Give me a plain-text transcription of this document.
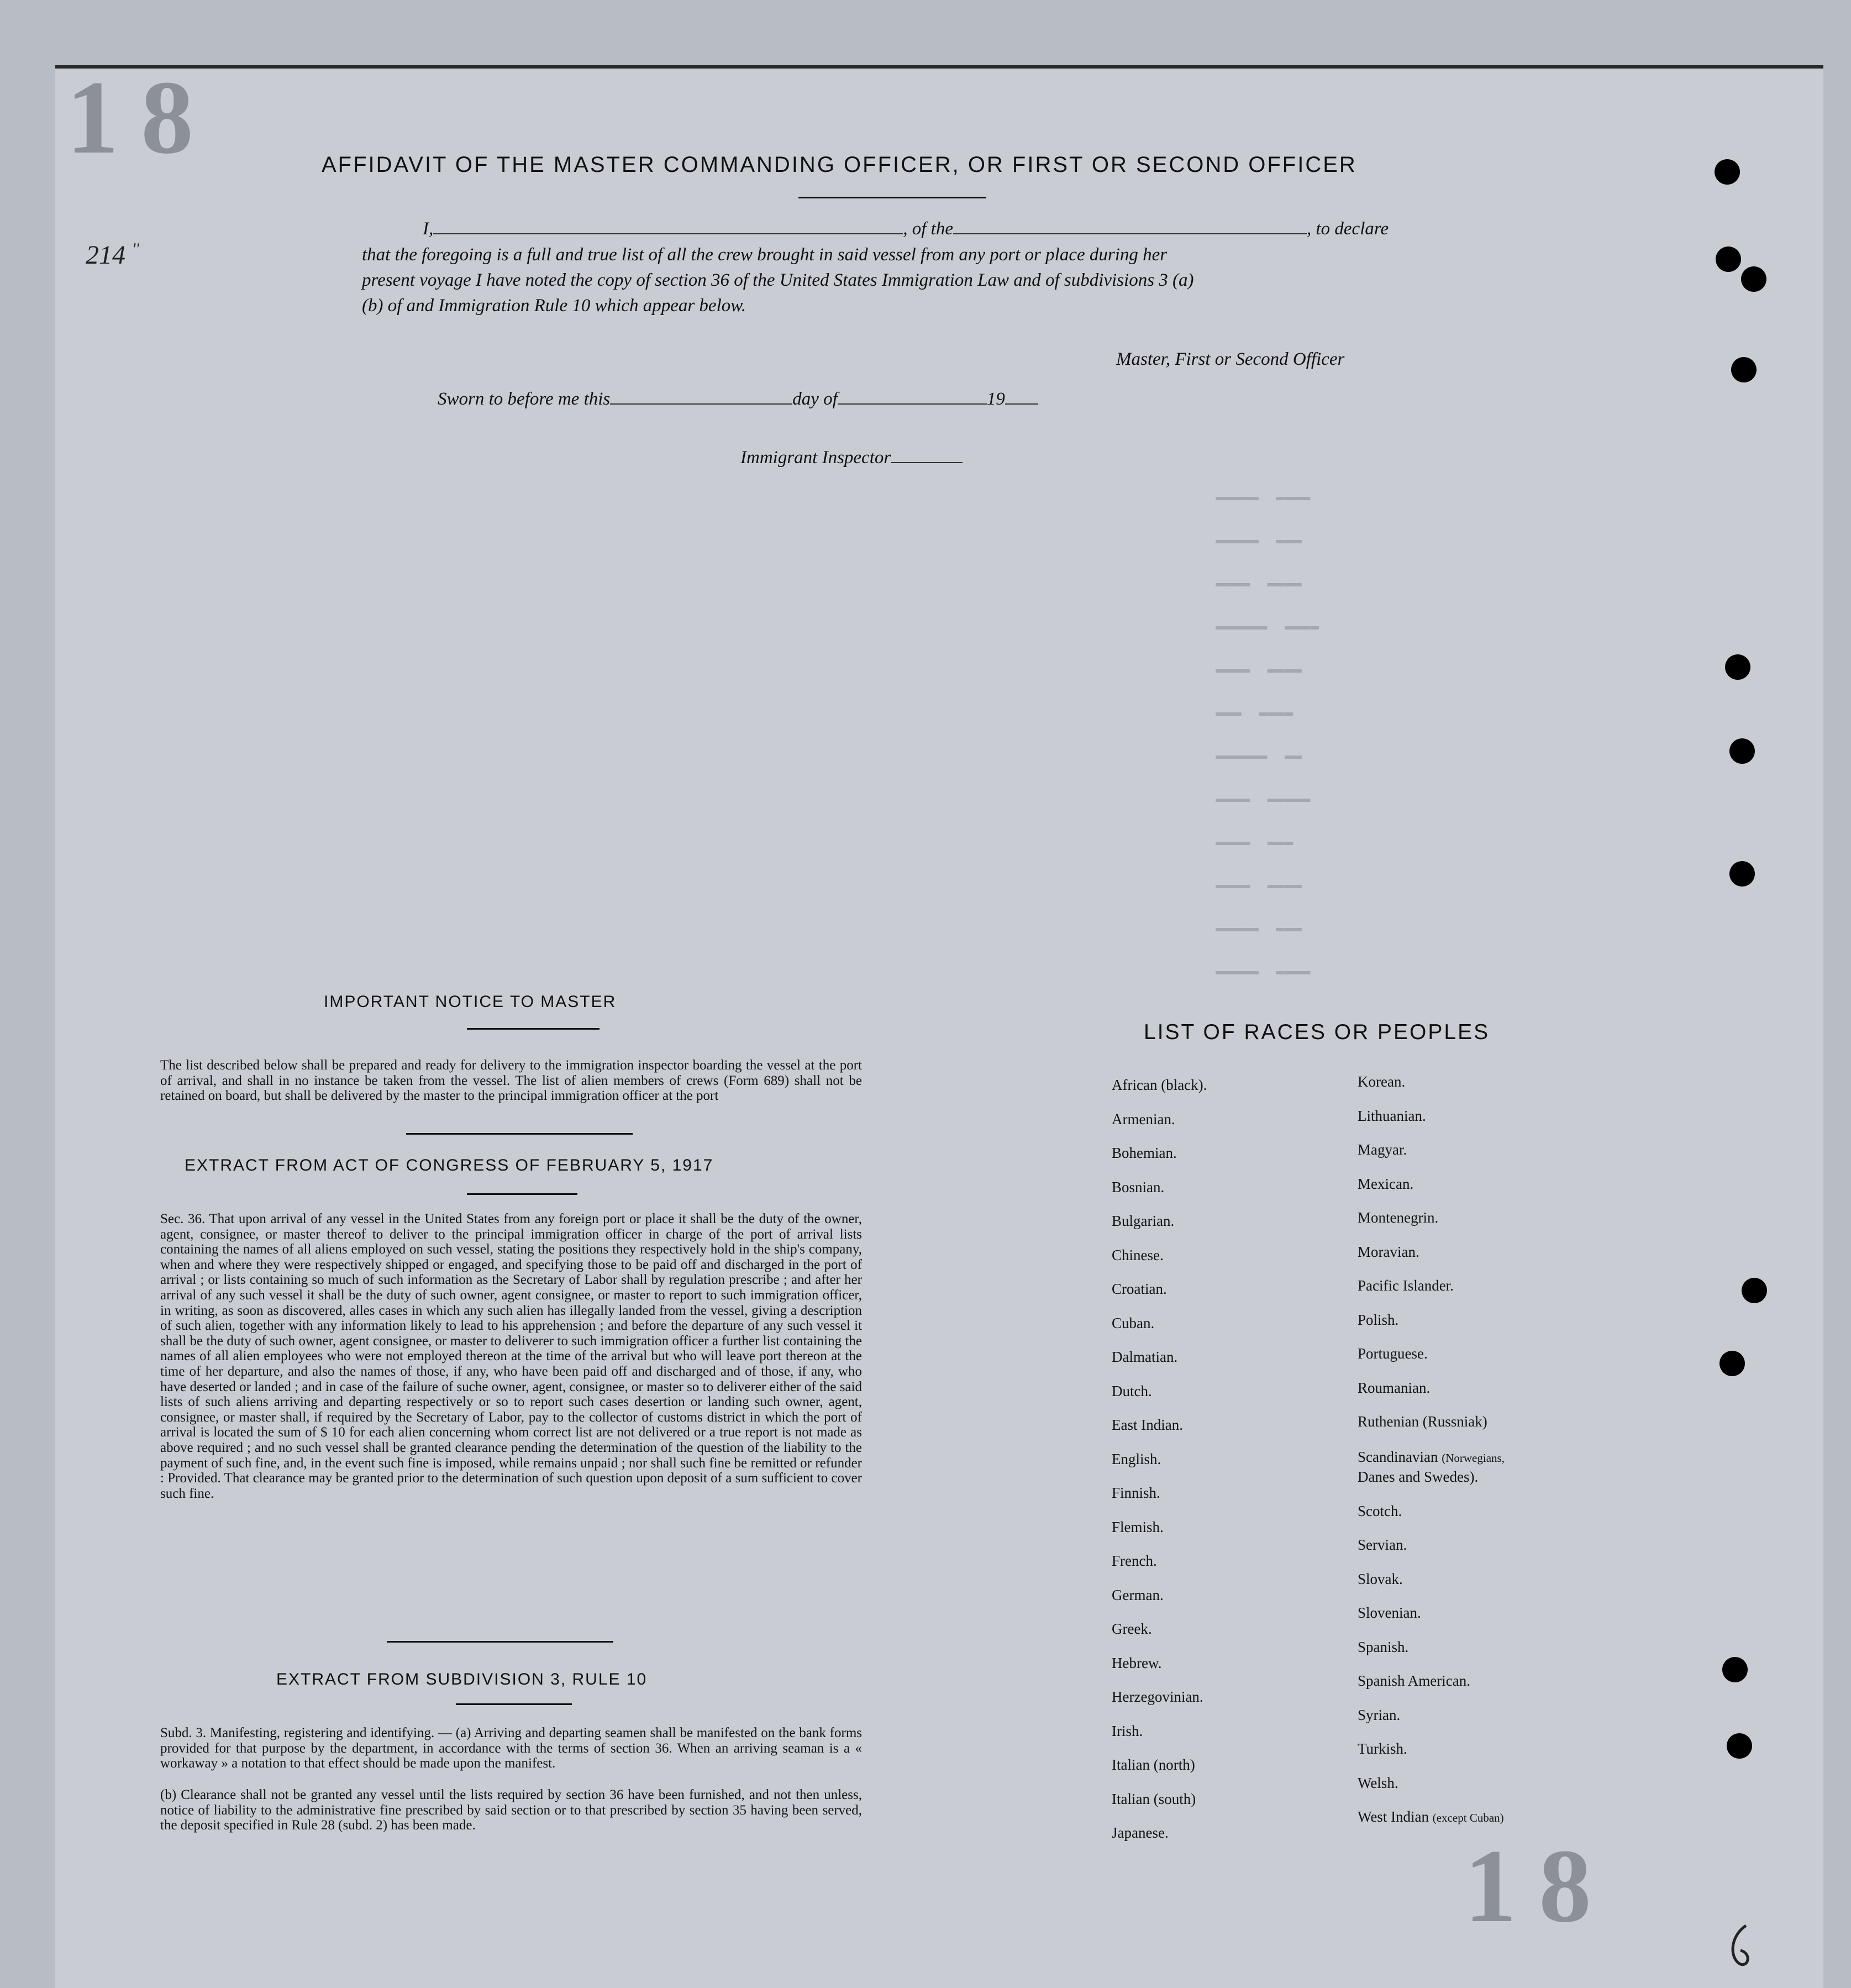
18
18
214 ''
▬▬▬▬▬  ▬▬▬▬
▬▬▬▬▬  ▬▬▬
▬▬▬▬  ▬▬▬▬
▬▬▬▬▬▬  ▬▬▬▬
▬▬▬▬  ▬▬▬▬
▬▬▬  ▬▬▬▬
▬▬▬▬▬▬  ▬▬
▬▬▬▬  ▬▬▬▬▬
▬▬▬▬  ▬▬▬
▬▬▬▬  ▬▬▬▬
▬▬▬▬▬  ▬▬▬
▬▬▬▬▬  ▬▬▬▬
AFFIDAVIT OF THE MASTER COMMANDING OFFICER, OR FIRST OR SECOND OFFICER
I,	, of the	, to declare
that the foregoing is a full and true list of all the crew brought in said vessel from any port or place during her
present voyage I have noted the copy of section 36 of the United States Immigration Law and of subdivisions 3 (a)
(b) of and Immigration Rule 10 which appear below.
Master, First or Second Officer
Sworn to before me this	day of	19
Immigrant Inspector
IMPORTANT NOTICE TO MASTER
The list described below shall be prepared and ready for delivery to the immigration inspector boarding the vessel at the port of arrival, and shall in no instance be taken from the vessel. The list of alien members of crews (Form 689) shall not be retained on board, but shall be delivered by the master to the principal immigration officer at the port
EXTRACT FROM ACT OF CONGRESS OF FEBRUARY 5, 1917
Sec. 36. That upon arrival of any vessel in the United States from any foreign port or place it shall be the duty of the owner, agent, consignee, or master thereof to deliver to the principal immigration officer in charge of the port of arrival lists containing the names of all aliens employed on such vessel, stating the positions they respectively hold in the ship's company, when and where they were respectively shipped or engaged, and specifying those to be paid off and discharged in the port of arrival ; or lists containing so much of such information as the Secretary of Labor shall by regulation prescribe ; and after her arrival of any such vessel it shall be the duty of such owner, agent consignee, or master to report to such immigration officer, in writing, as soon as discovered, alles cases in which any such alien has illegally landed from the vessel, giving a description of such alien, together with any information likely to lead to his apprehension ; and before the departure of any such vessel it shall be the duty of such owner, agent consignee, or master to deliverer to such immigration officer a further list containing the names of all alien employees who were not employed thereon at the time of the arrival but who will leave port thereon at the time of her departure, and also the names of those, if any, who have been paid off and discharged and of those, if any, who have deserted or landed ; and in case of the failure of suche owner, agent, consignee, or master so to deliverer either of the said lists of such aliens arriving and departing respectively or so to report such cases desertion or landing such owner, agent, consignee, or master shall, if required by the Secretary of Labor, pay to the collector of customs district in which the port of arrival is located the sum of $ 10 for each alien concerning whom correct list are not delivered or a true report is not made as above required ; and no such vessel shall be granted clearance pending the determination of the question of the liability to the payment of such fine, and, in the event such fine is imposed, while remains unpaid ; nor shall such fine be remitted or refunder : Provided. That clearance may be granted prior to the determination of such question upon deposit of a sum sufficient to cover such fine.
EXTRACT FROM SUBDIVISION 3, RULE 10
Subd. 3. Manifesting, registering and identifying. — (a) Arriving and departing seamen shall be manifested on the bank forms provided for that purpose by the department, in accordance with the terms of section 36. When an arriving seaman is a « workaway » a notation to that effect should be made upon the manifest.
(b) Clearance shall not be granted any vessel until the lists required by section 36 have been furnished, and not then unless, notice of liability to the administrative fine prescribed by said section or to that prescribed by section 35 having been served, the deposit specified in Rule 28 (subd. 2) has been made.
LIST OF RACES OR PEOPLES
African (black).
Armenian.
Bohemian.
Bosnian.
Bulgarian.
Chinese.
Croatian.
Cuban.
Dalmatian.
Dutch.
East Indian.
English.
Finnish.
Flemish.
French.
German.
Greek.
Hebrew.
Herzegovinian.
Irish.
Italian (north)
Italian (south)
Japanese.
Korean.
Lithuanian.
Magyar.
Mexican.
Montenegrin.
Moravian.
Pacific Islander.
Polish.
Portuguese.
Roumanian.
Ruthenian (Russniak)
Scandinavian (Norwegians,
Danes and Swedes).
Scotch.
Servian.
Slovak.
Slovenian.
Spanish.
Spanish American.
Syrian.
Turkish.
Welsh.
West Indian (except Cuban)
